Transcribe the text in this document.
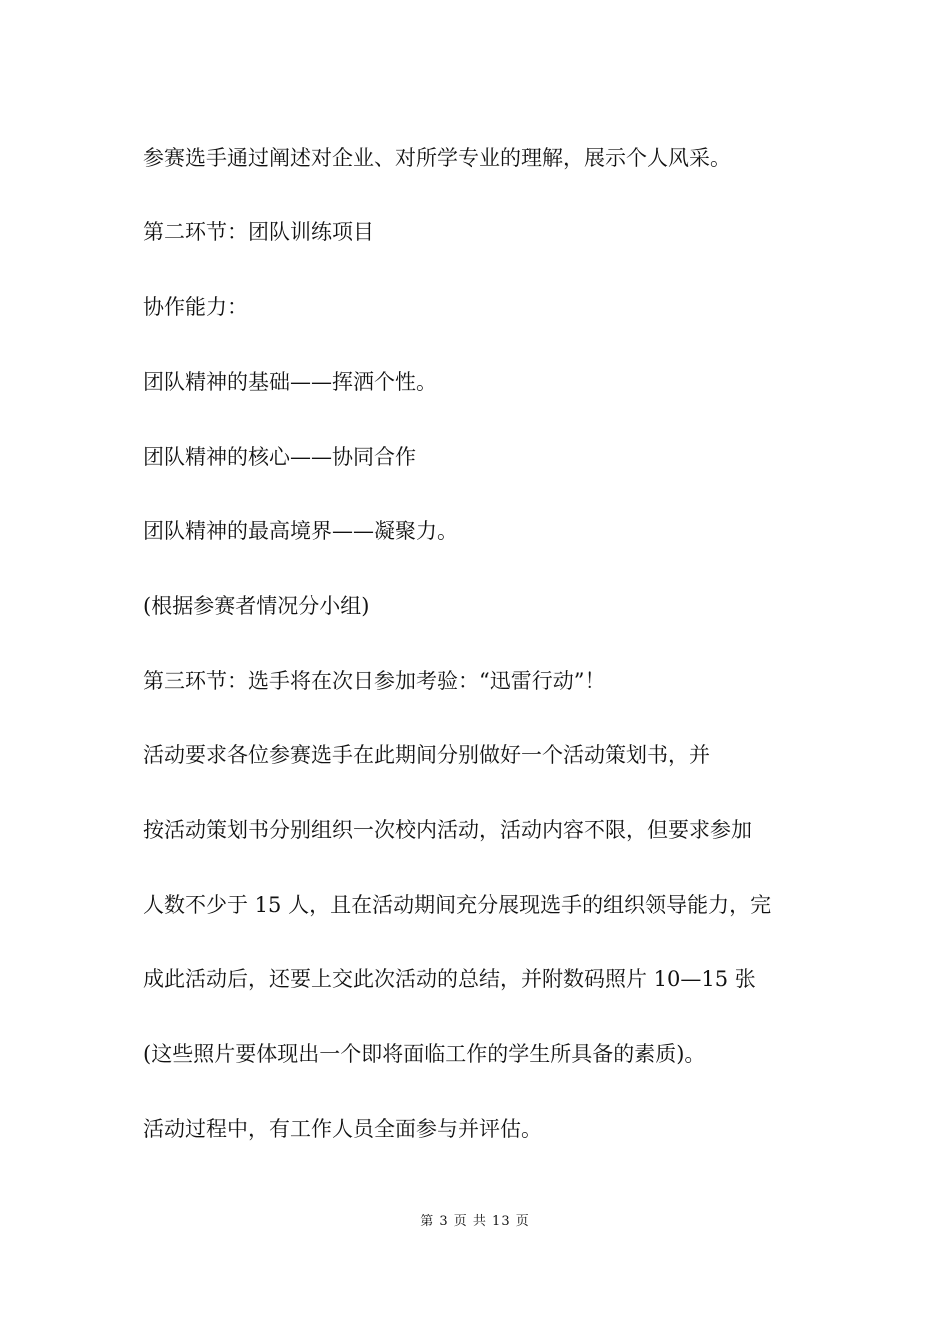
参赛选手通过阐述对企业、对所学专业的理解，展示个人风采。

第二环节：团队训练项目

协作能力：

团队精神的基础——挥洒个性。

团队精神的核心——协同合作

团队精神的最高境界——凝聚力。

(根据参赛者情况分小组)

第三环节：选手将在次日参加考验：“迅雷行动”！

活动要求各位参赛选手在此期间分别做好一个活动策划书，并

按活动策划书分别组织一次校内活动，活动内容不限，但要求参加

人数不少于 15 人，且在活动期间充分展现选手的组织领导能力，完

成此活动后，还要上交此次活动的总结，并附数码照片 10—15 张

(这些照片要体现出一个即将面临工作的学生所具备的素质)。

活动过程中，有工作人员全面参与并评估。

第 3 页 共 13 页
